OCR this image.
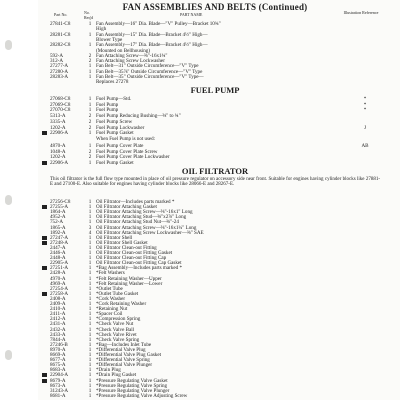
FAN ASSEMBLIES AND BELTS (Continued)
Part No.	No. Req'd	PART NAME	Illustration Reference
27841-C8	1 Fan Assembly—16" Dia. Blade—"V" Pulley—Bracket 10¾"
High
28281-C8	1 Fan Assembly—15" Dia. Blade—Bracket 4½" High—
Blower Type
28282-C8	1 Fan Assembly—17" Dia. Blade—Bracket 4½" High—
(Mounted on Bellhousing)
592-A	2 Fan Attaching Screw—⅜"-16x1¾"
312-A	2 Fan Attaching Screw Lockwasher
27277-A	1 Fan Belt—31" Outside Circumference—"V" Type
27280-A	1 Fan Belt—35⅞" Outside Circumference—"V" Type
28283-A	1 Fan Belt—35" Outside Circumference—"V" Type—
Replaces 27278
FUEL PUMP
27068-C8	1 Fuel Pump—Std.	*
27069-C8	1 Fuel Pump	*
27070-C8	1 Fuel Pump	*
5313-A	2 Fuel Pump Reducing Bushing—⅜" to ¾"
3335-A	2 Fuel Pump Screw
1202-A	2 Fuel Pump Lockwasher	J
22906-A	1 Fuel Pump Gasket
When Fuel Pump is not used:
4870-A	1 Fuel Pump Cover Plate	AB
1048-A	2 Fuel Pump Cover Plate Screw
1202-A	2 Fuel Pump Cover Plate Lockwasher
22906-A	1 Fuel Pump Gasket
OIL FILTRATOR
This oil filtrator is the full flow type mounted in place of oil pressure regulator on accessory side near front. Suitable for engines having cylinder blocks like 27881-E and 27100-E. Also suitable for engines having cylinder blocks like 28066-E and 28267-E.
27256-C8	1 Oil Filtrator—Includes parts marked *
27255-A	1 Oil Filtrator Attaching Gasket
1864-A	1 Oil Filtrator Attaching Screw—⅜"-16x1" Long
4952-A	1 Oil Filtrator Attaching Stud—⅜"x2⅞" Long
752-A	1 Oil Filtrator Attaching Stud Nut—⅜"-24
1865-A	3 Oil Filtrator Attaching Screw—⅜"-16x1¼" Long
1892-A	4 Oil Filtrator Attaching Screw Lockwasher—⅜" SAE
27247-A	1 Oil Filtrator Shell
27248-A	1 Oil Filtrator Shell Gasket
2447-A	1 Oil Filtrator Clean-out Fitting
2446-A	1 Oil Filtrator Clean-out Fitting Gasket
2448-A	1 Oil Filtrator Clean-out Fitting Cap
22905-A	1 Oil Filtrator Clean-out Fitting Cap Gasket
27251-A	1 *Bag Assembly—Includes parts marked *
2428-A	1 *Felt Washers
4970-A	1 *Felt Retaining Washer—Upper
4969-A	1 *Felt Retaining Washer—Lower
27254-A	1 *Outlet Tube
27258-A	1 *Outlet Tube Gasket
2408-A	1 *Cork Washer
2409-A	1 *Cork Retaining Washer
2410-A	1 *Retaining Nut
2411-A	1 *Spacer Coil
2412-A	1 *Compression Spring
2431-A	1 *Check Valve Nut
2432-A	1 *Check Valve Ball
2433-A	1 *Check Valve Rivet
7844-A	1 *Check Valve Spring
27246-B	1 *Bag—Includes Inlet Tube
8970-A	1 *Differential Valve Plug
8669-A	1 *Differential Valve Plug Gasket
8677-A	1 *Differential Valve Spring
8675-A	1 *Differential Valve Plunger
8683-A	1 *Drain Plug
22904-A	1 *Drain Plug Gasket
8679-A	1 *Pressure Regulating Valve Gasket
8673-A	1 *Pressure Regulating Valve Spring
31243-A	1 *Pressure Regulating Valve Plunger
8681-A	1 *Pressure Regulating Valve Adjusting Screw
